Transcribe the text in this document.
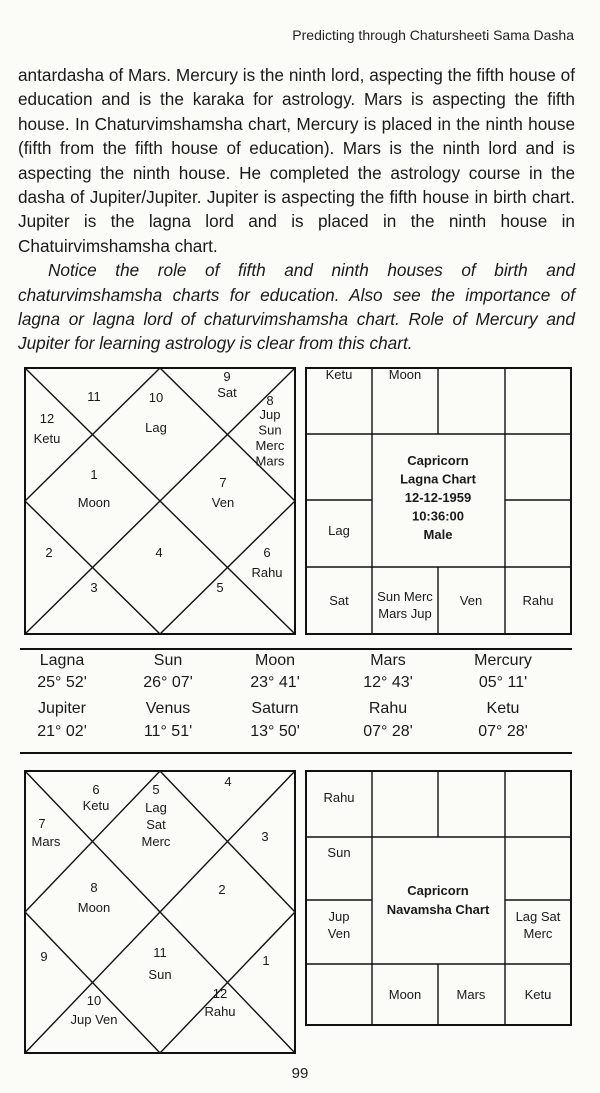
Predicting through Chatursheeti Sama Dasha

antardasha of Mars. Mercury is the ninth lord, aspecting the fifth house of education and is the karaka for astrology. Mars is aspecting the fifth house. In Chaturvimshamsha chart, Mercury is placed in the ninth house (fifth from the fifth house of education). Mars is the ninth lord and is aspecting the ninth house. He completed the astrology course in the dasha of Jupiter/Jupiter. Jupiter is aspecting the fifth house in birth chart. Jupiter is the lagna lord and is placed in the ninth house in Chatuirvimshamsha chart.

Notice the role of fifth and ninth houses of birth and chaturvimshamsha charts for education. Also see the importance of lagna or lagna lord of chaturvimshamsha chart. Role of Mercury and Jupiter for learning astrology is clear from this chart.

11	10
Lag
9
Sat
8
Jup Sun Merc Mars
12
Ketu
1
Moon
7
Ven
2	4	6
Rahu
3	5
Ketu	Moon
Lag
Sat Sun Merc Mars Jup
Ven	Rahu
Capricorn
Lagna Chart
12-12-1959
10:36:00
Male
Lagna
25° 52'
Sun
26° 07'
Moon
23° 41'
Mars
12° 43'
Mercury
05° 11'
Jupiter
21° 02'
Venus
11° 51'
Saturn
13° 50'
Rahu
07° 28'
Ketu
07° 28'
6
Ketu
5
Lag Sat Merc
4
3
7
Mars
8
Moon
2
9	11
Sun
1
10
Jup Ven
12
Rahu
Rahu
Sun
Jup Ven
Lag Sat Merc
Moon	Mars	Ketu
Capricorn
Navamsha Chart
99
